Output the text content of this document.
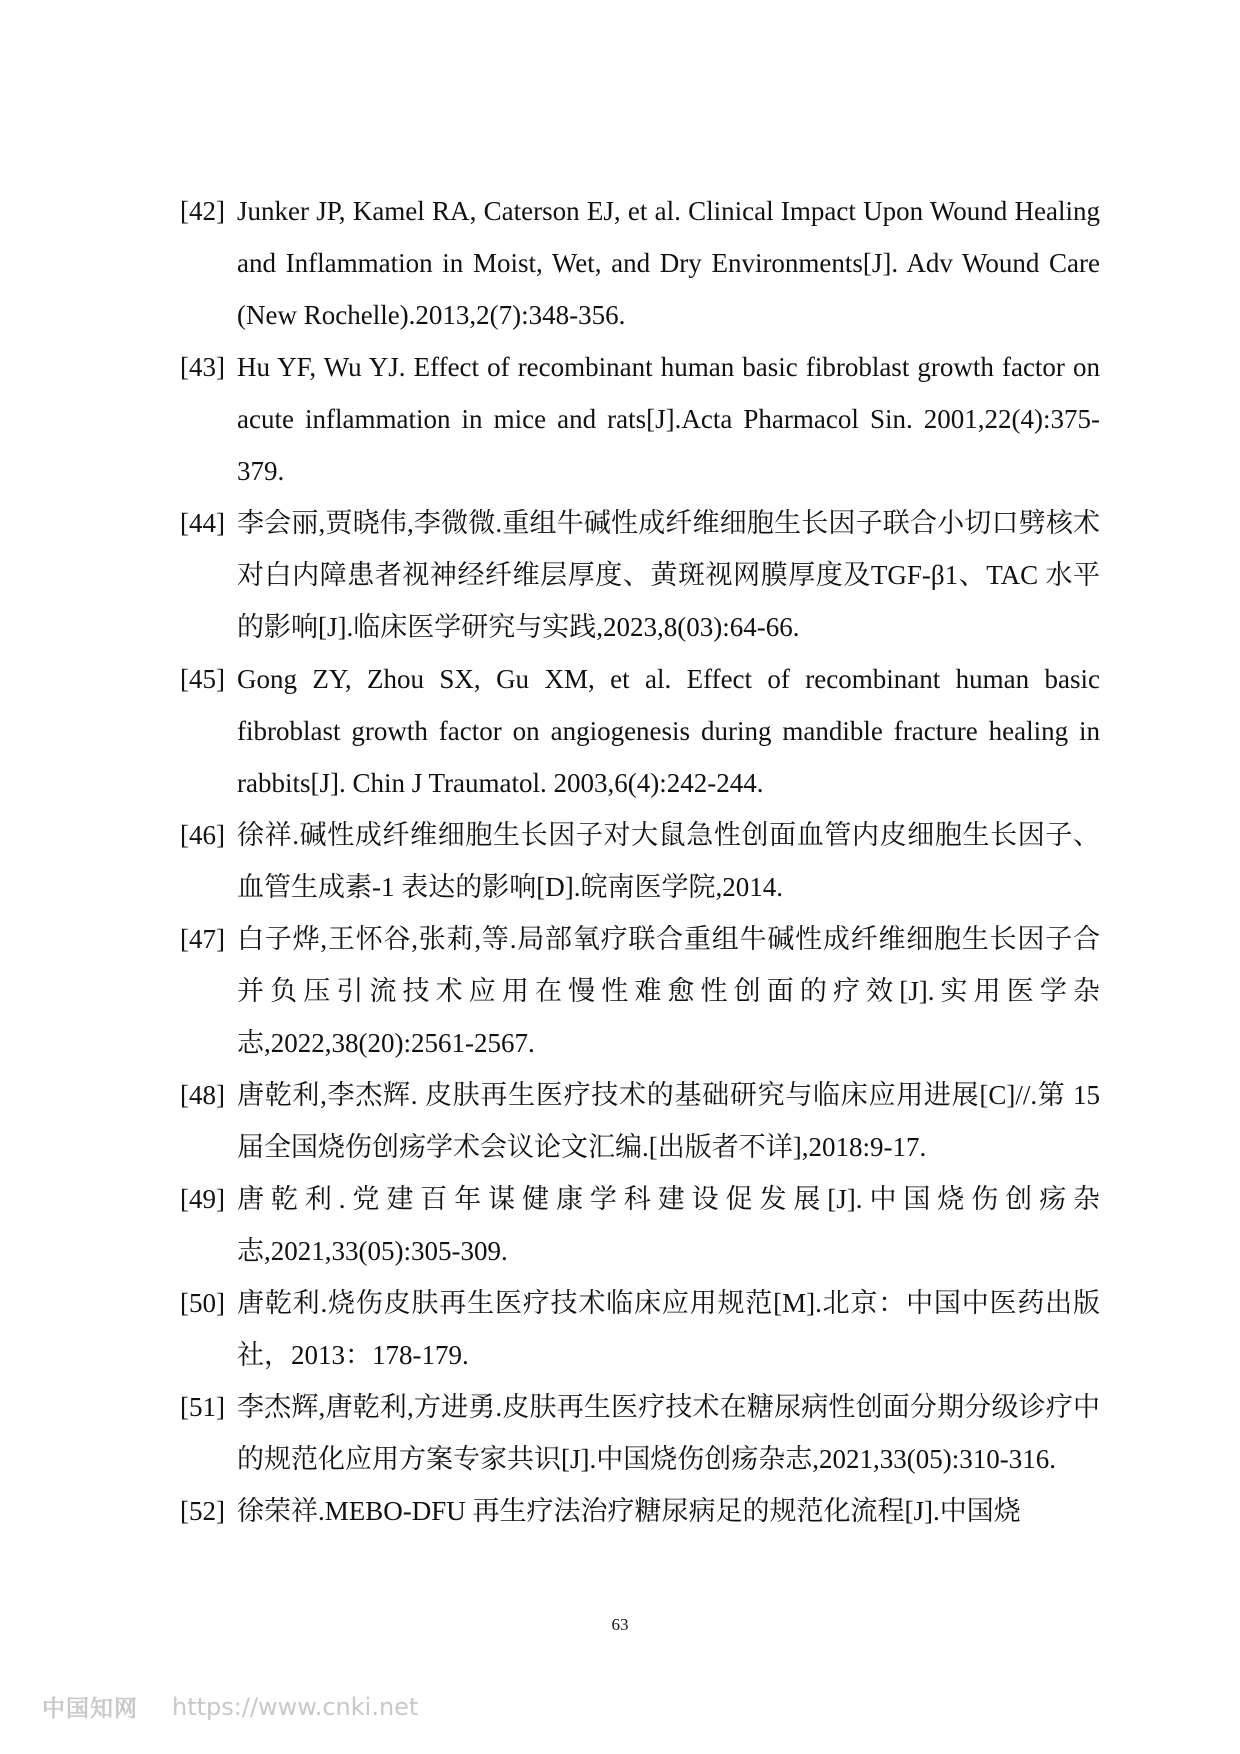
[42] Junker JP, Kamel RA, Caterson EJ, et al. Clinical Impact Upon Wound Healing and Inflammation in Moist, Wet, and Dry Environments[J]. Adv Wound Care (New Rochelle).2013,2(7):348-356.
[43] Hu YF, Wu YJ. Effect of recombinant human basic fibroblast growth factor on acute inflammation in mice and rats[J].Acta Pharmacol Sin. 2001,22(4):375-379.
[44] 李会丽,贾晓伟,李微微.重组牛碱性成纤维细胞生长因子联合小切口劈核术对白内障患者视神经纤维层厚度、黄斑视网膜厚度及TGF-β1、TAC 水平的影响[J].临床医学研究与实践,2023,8(03):64-66.
[45] Gong ZY, Zhou SX, Gu XM, et al. Effect of recombinant human basic fibroblast growth factor on angiogenesis during mandible fracture healing in rabbits[J]. Chin J Traumatol. 2003,6(4):242-244.
[46] 徐祥.碱性成纤维细胞生长因子对大鼠急性创面血管内皮细胞生长因子、血管生成素-1 表达的影响[D].皖南医学院,2014.
[47] 白子烨,王怀谷,张莉,等.局部氧疗联合重组牛碱性成纤维细胞生长因子合并负压引流技术应用在慢性难愈性创面的疗效[J].实用医学杂志,2022,38(20):2561-2567.
[48] 唐乾利,李杰辉. 皮肤再生医疗技术的基础研究与临床应用进展[C]//.第 15 届全国烧伤创疡学术会议论文汇编.[出版者不详],2018:9-17.
[49] 唐乾利.党建百年谋健康学科建设促发展[J].中国烧伤创疡杂志,2021,33(05):305-309.
[50] 唐乾利.烧伤皮肤再生医疗技术临床应用规范[M].北京：中国中医药出版社，2013：178-179.
[51] 李杰辉,唐乾利,方进勇.皮肤再生医疗技术在糖尿病性创面分期分级诊疗中的规范化应用方案专家共识[J].中国烧伤创疡杂志,2021,33(05):310-316.
[52] 徐荣祥.MEBO-DFU 再生疗法治疗糖尿病足的规范化流程[J].中国烧
63
中国知网 https://www.cnki.net
